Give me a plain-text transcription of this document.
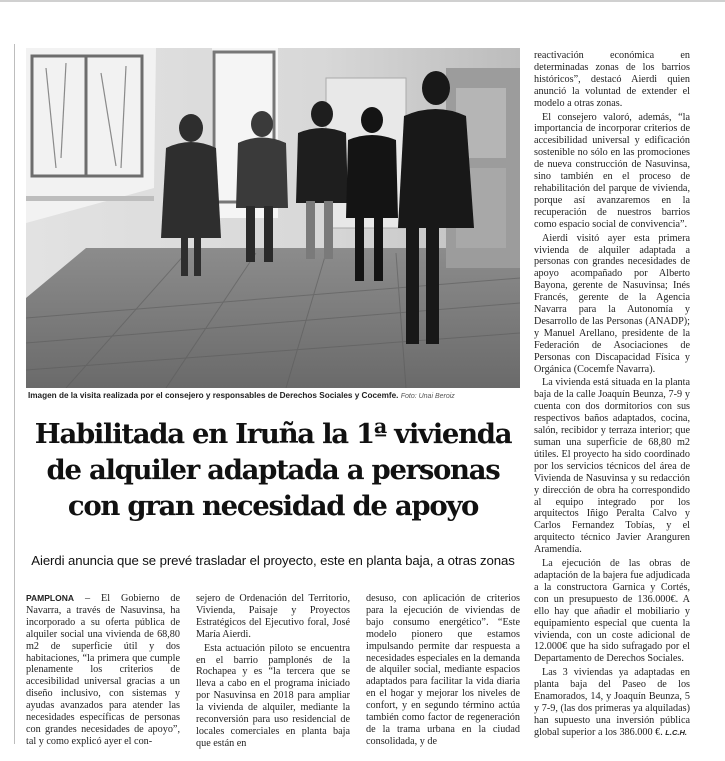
Imagen de la visita realizada por el consejero y responsables de Derechos Sociales y Cocemfe. Foto: Unai Beroiz
Habilitada en Iruña la 1ª vivienda
de alquiler adaptada a personas
con gran necesidad de apoyo
Aierdi anuncia que se prevé trasladar el proyecto, este en planta baja, a otras zonas

PAMPLONA – El Gobierno de Navarra, a través de Nasuvinsa, ha incorporado a su oferta pública de alquiler social una vivienda de 68,80 m2 de superficie útil y dos habitaciones, “la primera que cumple plenamente los criterios de accesibilidad universal gracias a un diseño inclusivo, con sistemas y ayudas avanzados para atender las necesidades específicas de personas con grandes necesidades de apoyo”, tal y como explicó ayer el con-

sejero de Ordenación del Territorio, Vivienda, Paisaje y Proyectos Estratégicos del Ejecutivo foral, José María Aierdi.

Esta actuación piloto se encuentra en el barrio pamplonés de la Rochapea y es “la tercera que se lleva a cabo en el programa iniciado por Nasuvinsa en 2018 para ampliar la vivienda de alquiler, mediante la reconversión para uso residencial de locales comerciales en planta baja que están en

desuso, con aplicación de criterios para la ejecución de viviendas de bajo consumo energético”. “Este modelo pionero que estamos impulsando permite dar respuesta a necesidades especiales en la demanda de alquiler social, mediante espacios adaptados para facilitar la vida diaria en el hogar y mejorar los niveles de confort, y en segundo término actúa también como factor de regeneración de la trama urbana en la ciudad consolidada, y de

reactivación económica en determinadas zonas de los barrios históricos”, destacó Aierdi quien anunció la voluntad de extender el modelo a otras zonas.

El consejero valoró, además, “la importancia de incorporar criterios de accesibilidad universal y edificación sostenible no sólo en las promociones de nueva construcción de Nasuvinsa, sino también en el proceso de rehabilitación del parque de vivienda, porque así avanzaremos en la recuperación de nuestros barrios como espacio social de convivencia”.

Aierdi visitó ayer esta primera vivienda de alquiler adaptada a personas con grandes necesidades de apoyo acompañado por Alberto Bayona, gerente de Nasuvinsa; Inés Francés, gerente de la Agencia Navarra para la Autonomía y Desarrollo de las Personas (ANADP); y Manuel Arellano, presidente de la Federación de Asociaciones de Personas con Discapacidad Física y Orgánica (Cocemfe Navarra).

La vivienda está situada en la planta baja de la calle Joaquín Beunza, 7-9 y cuenta con dos dormitorios con sus respectivos baños adaptados, cocina, salón, recibidor y terraza interior; que suman una superficie de 68,80 m2 útiles. El proyecto ha sido coordinado por los servicios técnicos del área de Vivienda de Nasuvinsa y su redacción y dirección de obra ha correspondido al equipo integrado por los arquitectos Iñigo Peralta Calvo y Carlos Fernandez Tobías, y el arquitecto técnico Javier Aranguren Aramendía.

La ejecución de las obras de adaptación de la bajera fue adjudicada a la constructora Garnica y Cortés, con un presupuesto de 136.000€. A ello hay que añadir el mobiliario y equipamiento especial que cuenta la vivienda, con un coste adicional de 12.000€ que ha sido sufragado por el Departamento de Derechos Sociales.

Las 3 viviendas ya adaptadas en planta baja del Paseo de los Enamorados, 14, y Joaquín Beunza, 5 y 7-9, (las dos primeras ya alquiladas) han supuesto una inversión pública global superior a los 386.000 €. L.C.H.
